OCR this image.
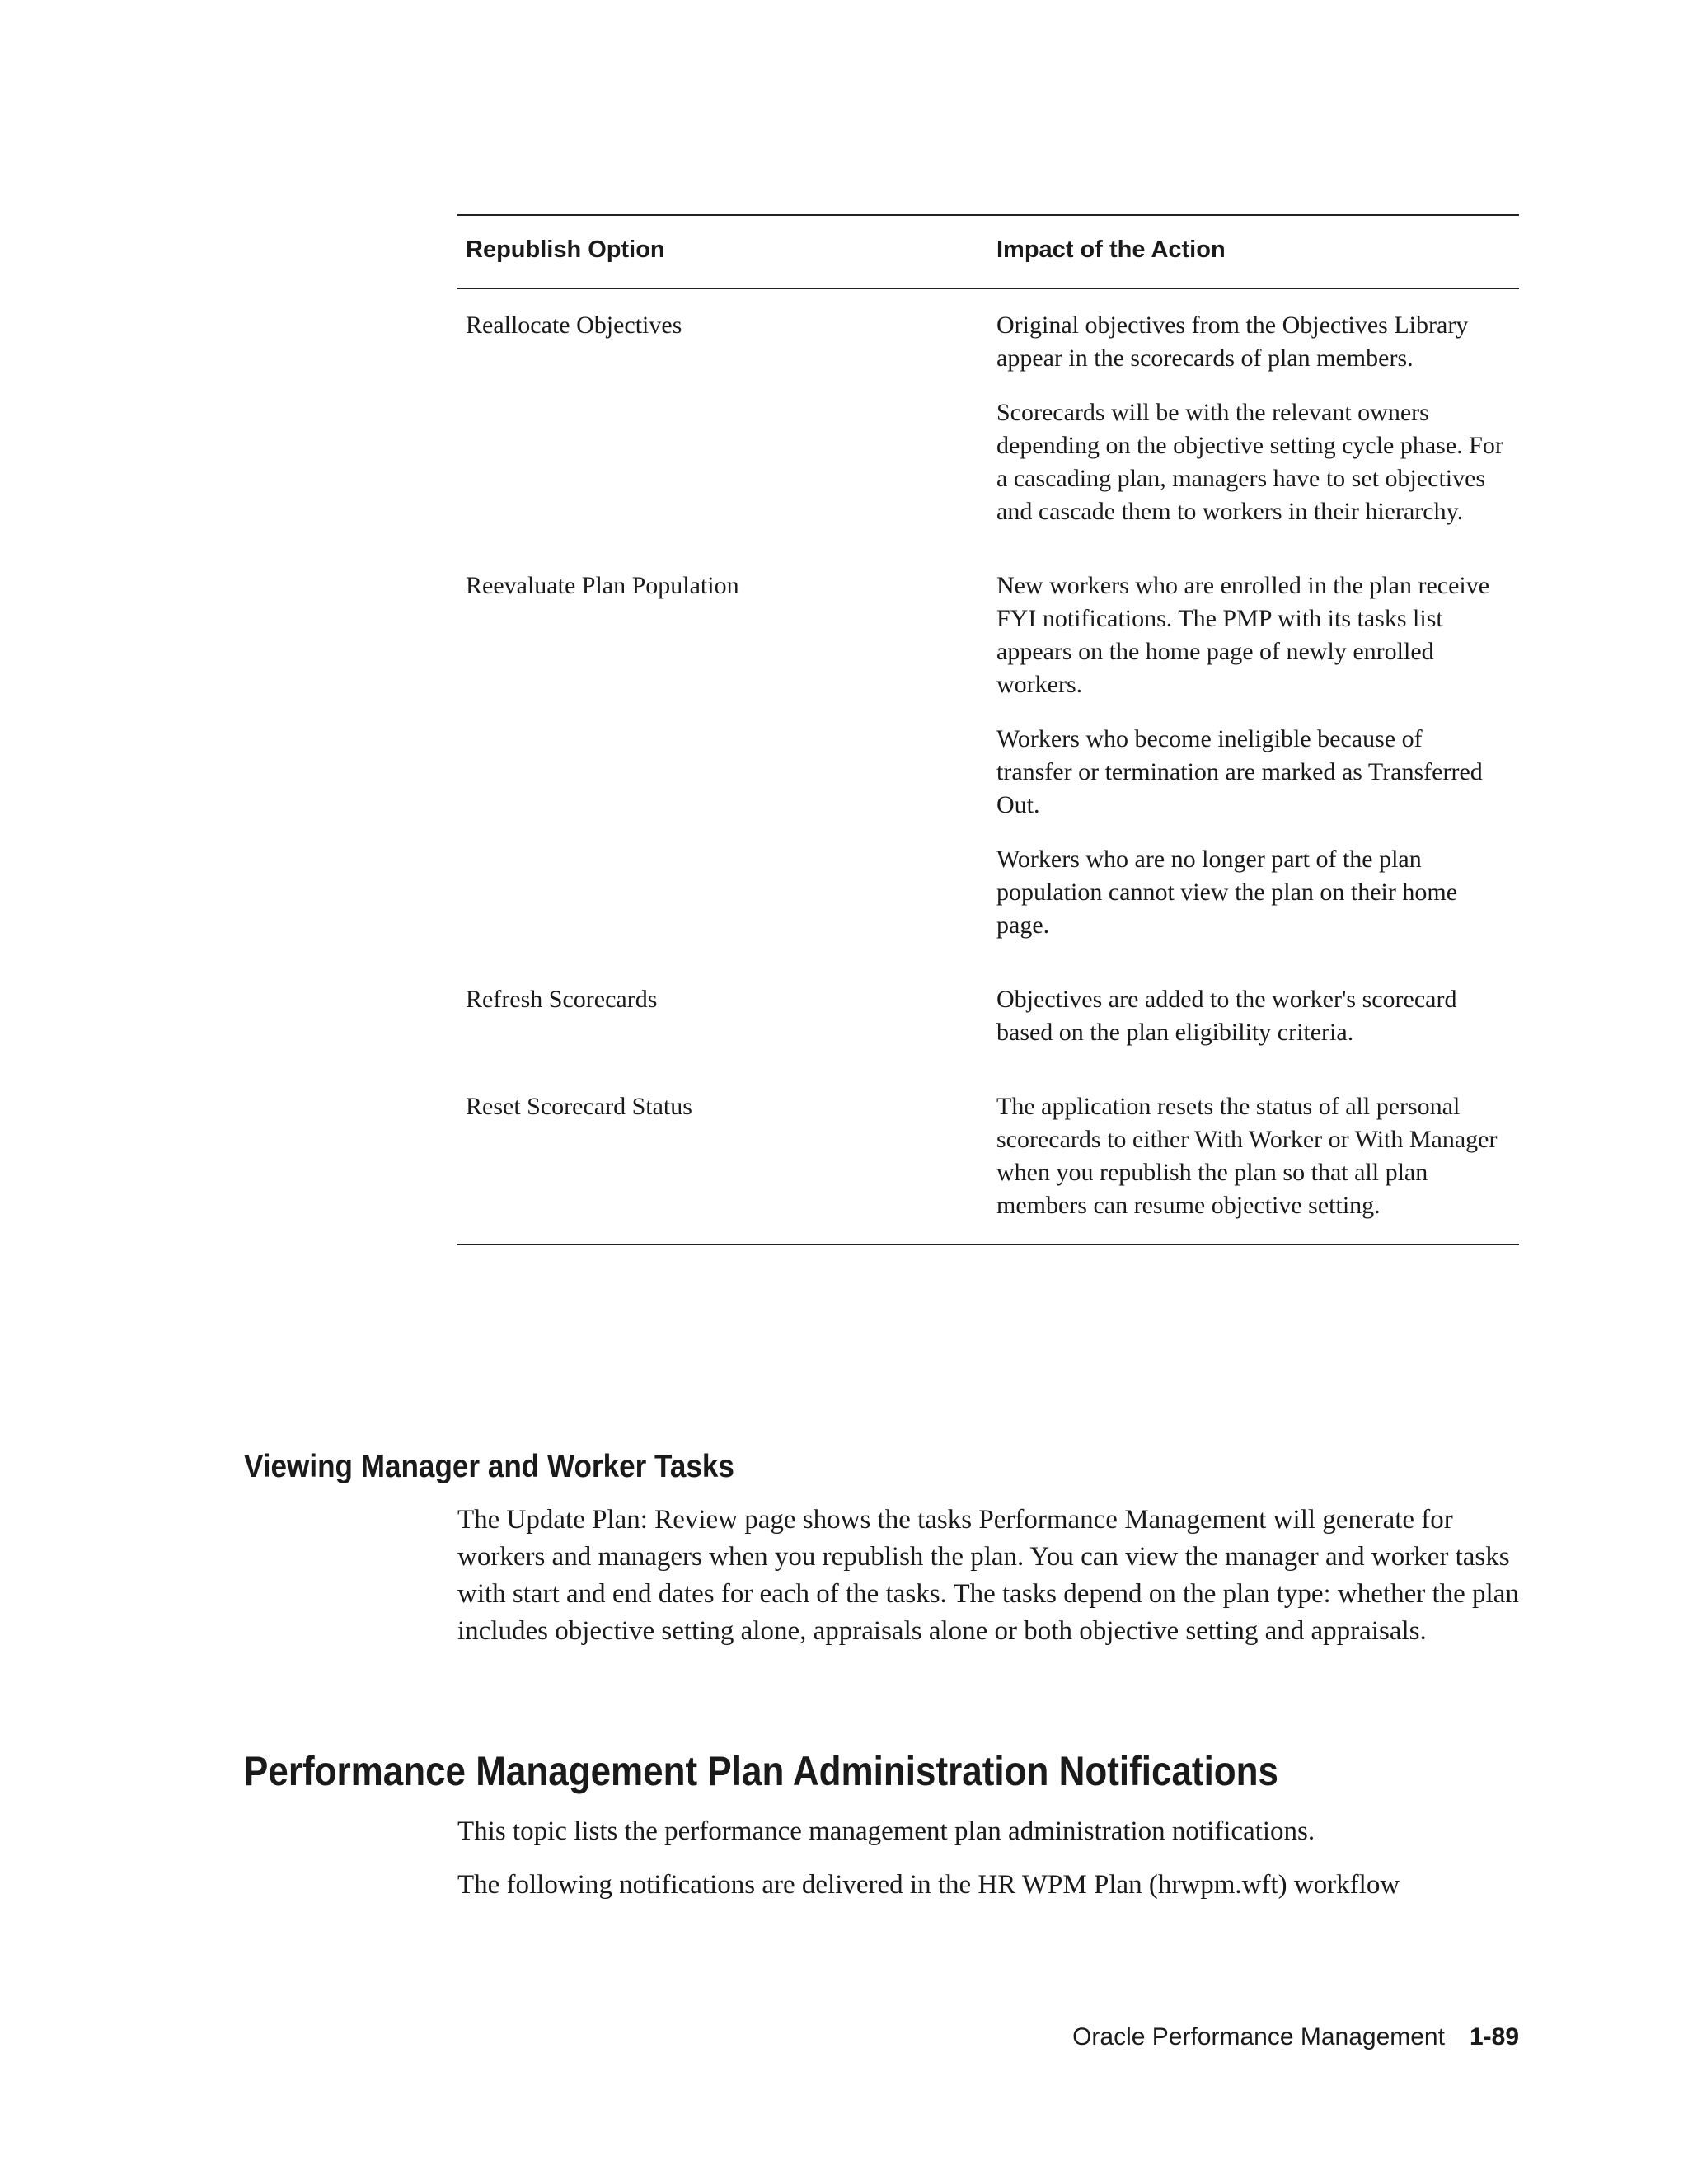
Republish Option	Impact of the Action
Reallocate Objectives	Original objectives from the Objectives Library appear in the scorecards of plan members.

Scorecards will be with the relevant owners depending on the objective setting cycle phase. For a cascading plan, managers have to set objectives and cascade them to workers in their hierarchy.

Reevaluate Plan Population	New workers who are enrolled in the plan receive FYI notifications. The PMP with its tasks list appears on the home page of newly enrolled workers.

Workers who become ineligible because of transfer or termination are marked as Transferred Out.

Workers who are no longer part of the plan population cannot view the plan on their home page.

Refresh Scorecards	Objectives are added to the worker's scorecard based on the plan eligibility criteria.

Reset Scorecard Status	The application resets the status of all personal scorecards to either With Worker or With Manager when you republish the plan so that all plan members can resume objective setting.

Viewing Manager and Worker Tasks

The Update Plan: Review page shows the tasks Performance Management will generate for workers and managers when you republish the plan. You can view the manager and worker tasks with start and end dates for each of the tasks. The tasks depend on the plan type: whether the plan includes objective setting alone, appraisals alone or both objective setting and appraisals.

Performance Management Plan Administration Notifications

This topic lists the performance management plan administration notifications.

The following notifications are delivered in the HR WPM Plan (hrwpm.wft) workflow

Oracle Performance Management 1-89
